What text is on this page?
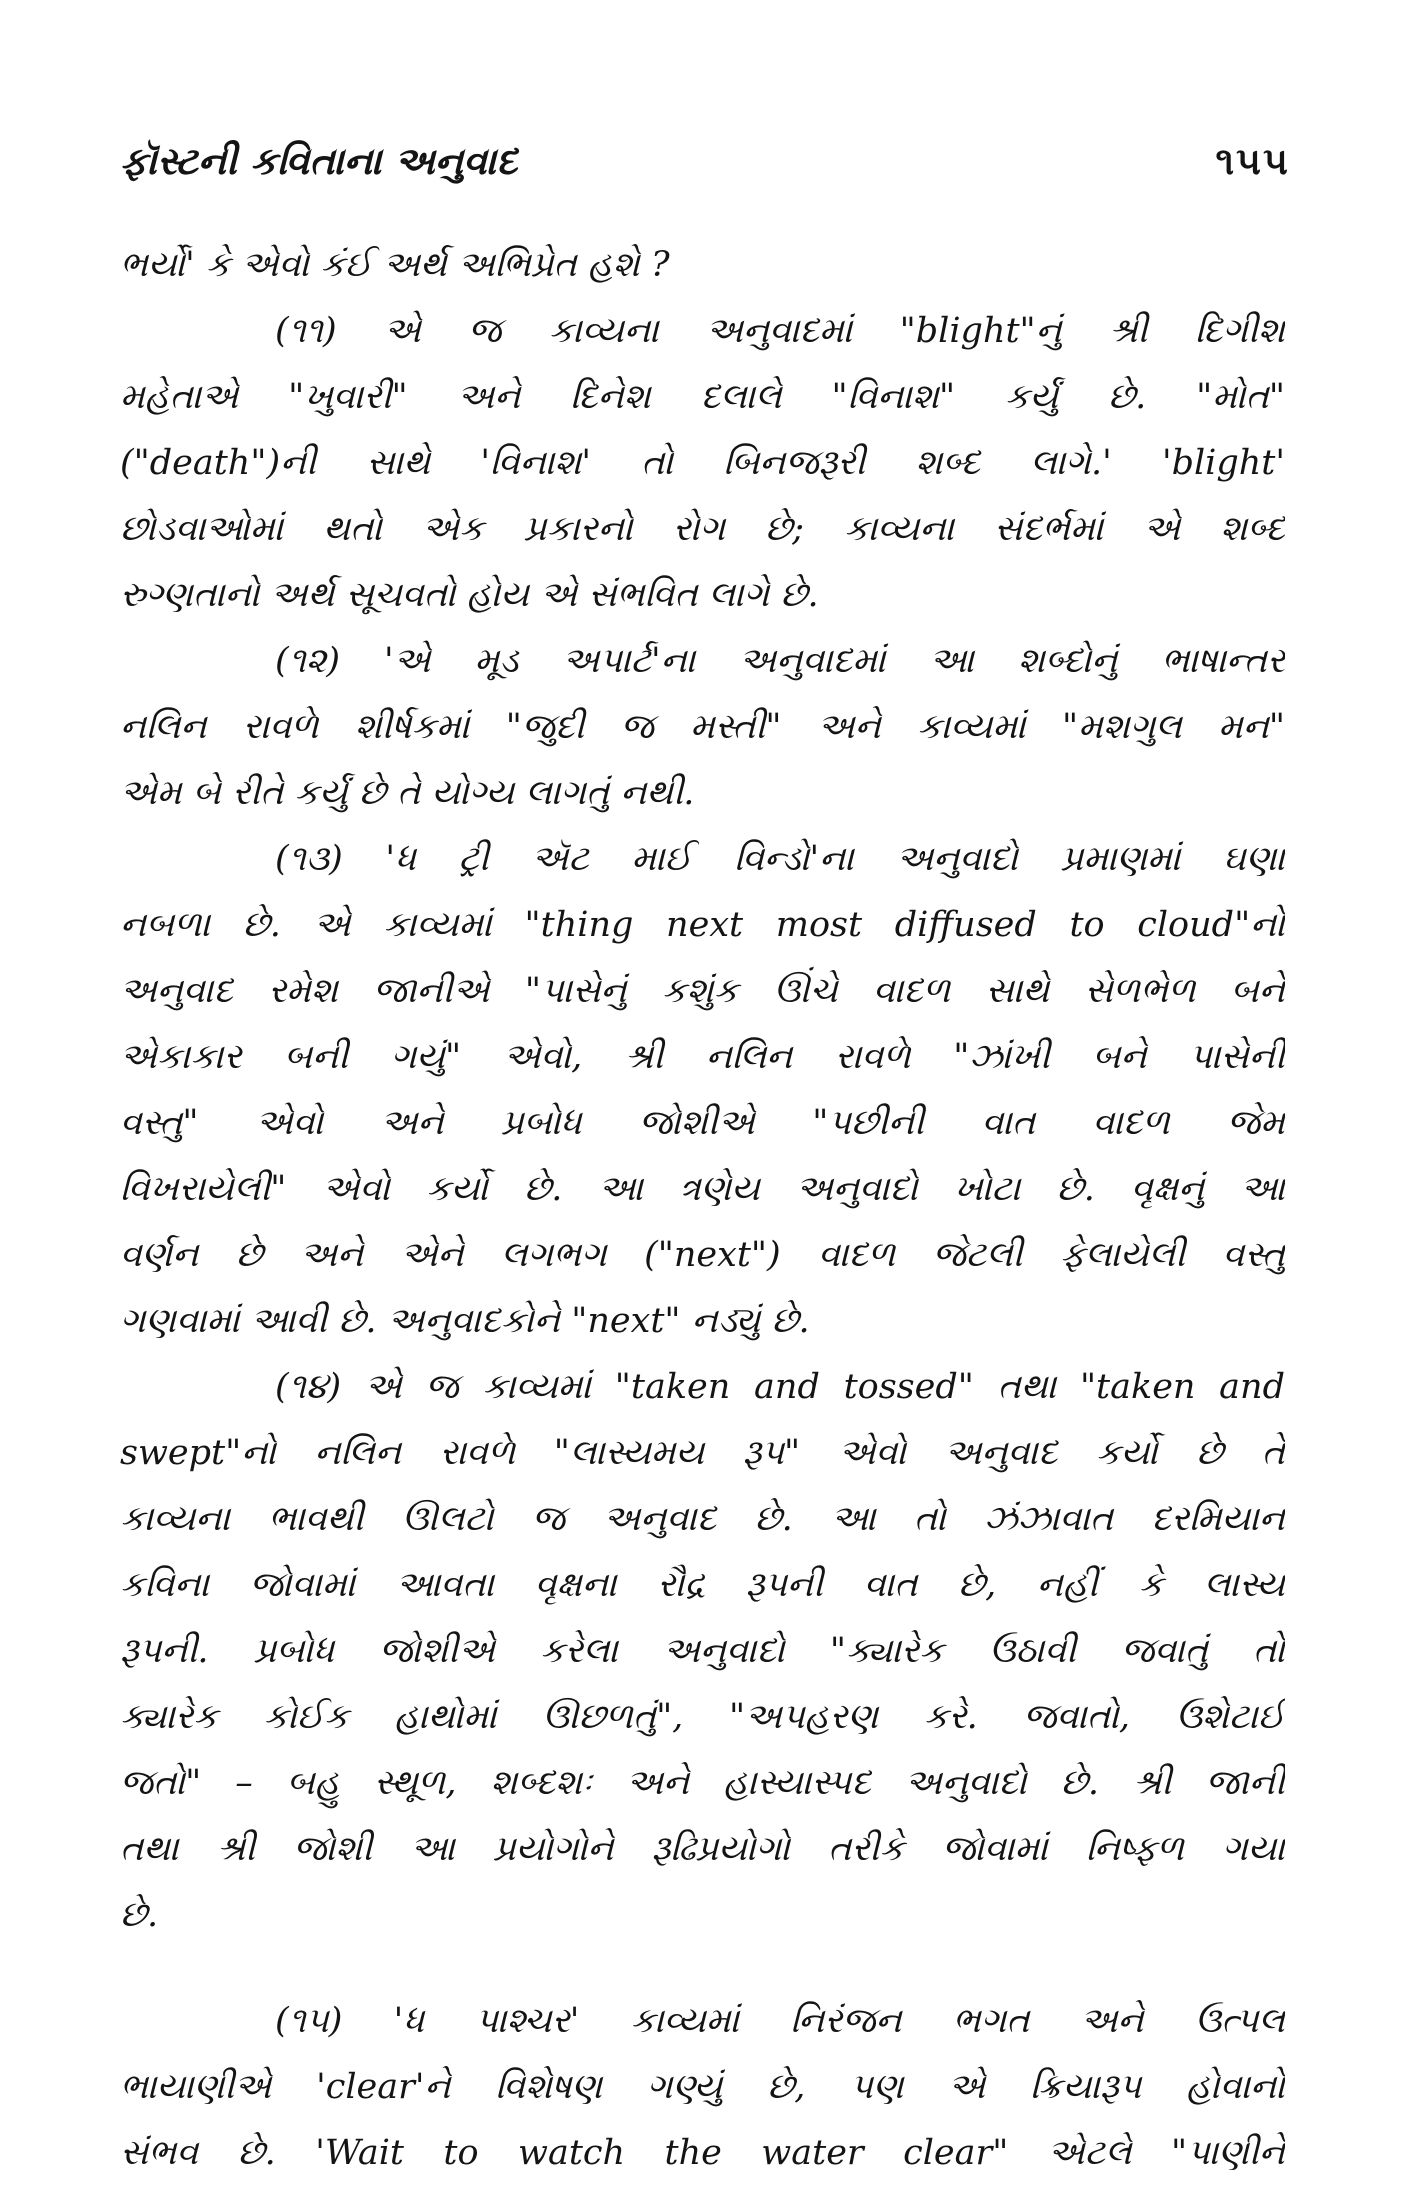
ફૉસ્ટની કવિતાના અનુવાદ	૧૫૫
ભર્યો' કે એવો કંઈ અર્થ અભિપ્રેત હશે ?
(૧૧) એ જ કાવ્યના અનુવાદમાં "blight"નું શ્રી દિગીશ
મહેતાએ "ખુવારી" અને દિનેશ દલાલે "વિનાશ" કર્યું છે. "મોત"
("death")ની સાથે 'વિનાશ' તો બિનજરૂરી શબ્દ લાગે.' 'blight'
છોડવાઓમાં થતો એક પ્રકારનો રોગ છે; કાવ્યના સંદર્ભમાં એ શબ્દ
રુગ્ણતાનો અર્થ સૂચવતો હોય એ સંભવિત લાગે છે.
(૧૨) 'એ મૂડ અપાર્ટ'ના અનુવાદમાં આ શબ્દોનું ભાષાન્તર
નલિન રાવળે શીર્ષકમાં "જુદી જ મસ્તી" અને કાવ્યમાં "મશગુલ મન"
એમ બે રીતે કર્યું છે તે યોગ્ય લાગતું નથી.
(૧૩) 'ધ ટ્રી ઍટ માઈ વિન્ડો'ના અનુવાદો પ્રમાણમાં ઘણા
નબળા છે. એ કાવ્યમાં "thing next most diffused to cloud"નો
અનુવાદ રમેશ જાનીએ "પાસેનું કશુંક ઊંચે વાદળ સાથે સેળભેળ બને
એકાકાર બની ગયું" એવો, શ્રી નલિન રાવળે "ઝાંખી બને પાસેની
વસ્તુ" એવો અને પ્રબોધ જોશીએ "પછીની વાત વાદળ જેમ
વિખરાયેલી" એવો કર્યો છે. આ ત્રણેય અનુવાદો ખોટા છે. વૃક્ષનું આ
વર્ણન છે અને એને લગભગ ("next") વાદળ જેટલી ફેલાયેલી વસ્તુ
ગણવામાં આવી છે. અનુવાદકોને "next" નડ્યું છે.
(૧૪) એ જ કાવ્યમાં "taken and tossed" તથા "taken and
swept"નો નલિન રાવળે "લાસ્યમય રૂપ" એવો અનુવાદ કર્યો છે તે
કાવ્યના ભાવથી ઊલટો જ અનુવાદ છે. આ તો ઝંઝાવાત દરમિયાન
કવિના જોવામાં આવતા વૃક્ષના રૌદ્ર રૂપની વાત છે, નહીં કે લાસ્ય
રૂપની. પ્રબોધ જોશીએ કરેલા અનુવાદો "ક્યારેક ઉઠાવી જવાતું તો
ક્યારેક કોઈક હાથોમાં ઊછળતું", "અપહરણ કરે. જવાતો, ઉશેટાઈ
જતો" – બહુ સ્થૂળ, શબ્દશઃ અને હાસ્યાસ્પદ અનુવાદો છે. શ્રી જાની
તથા શ્રી જોશી આ પ્રયોગોને રૂઢિપ્રયોગો તરીકે જોવામાં નિષ્ફળ ગયા
છે.
(૧૫) 'ધ પાશ્ચર' કાવ્યમાં નિરંજન ભગત અને ઉત્પલ
ભાયાણીએ 'clear'ને વિશેષણ ગણ્યું છે, પણ એ ક્રિયારૂપ હોવાનો
સંભવ છે. 'Wait to watch the water clear" એટલે "પાણીને
